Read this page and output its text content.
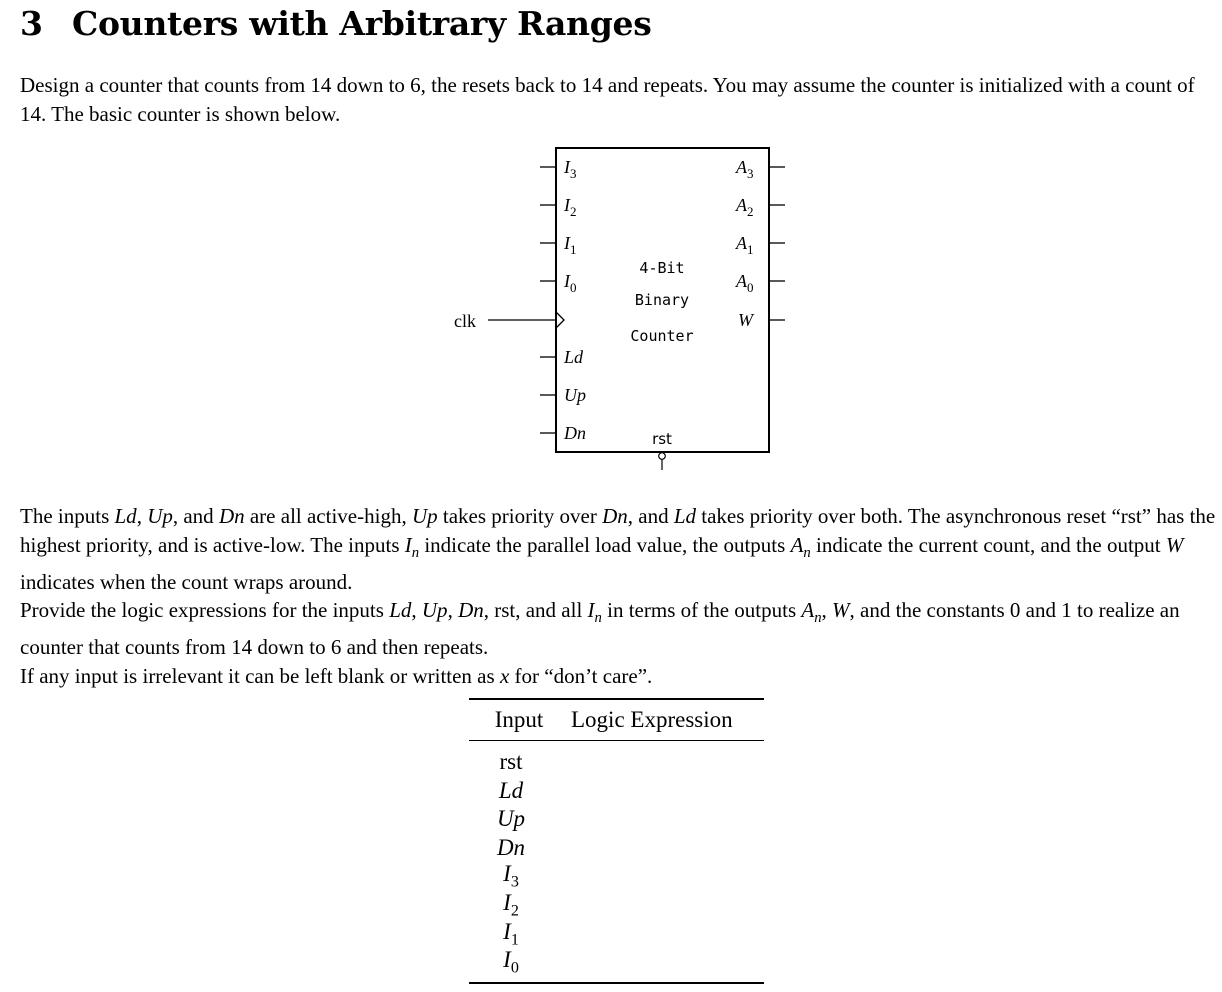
3 Counters with Arbitrary Ranges

Design a counter that counts from 14 down to 6, the resets back to 14 and repeats. You may assume the counter is initialized with a count of 14. The basic counter is shown below.

clk
$I_3$
$I_2$
$I_1$
$I_0$
Ld
Up
Dn
$A_3$
$A_2$
$A_1$
$A_0$
W
4-Bit
Binary
Counter
rst
The inputs Ld, Up, and Dn are all active-high, Up takes priority over Dn, and Ld takes priority over both. The asynchronous reset “rst” has the highest priority, and is active-low. The inputs $I_n$ indicate the parallel load value, the outputs $A_n$ indicate the current count, and the output W indicates when the count wraps around.
Provide the logic expressions for the inputs Ld, Up, Dn, rst, and all $I_n$ in terms of the outputs $A_n$, W, and the constants 0 and 1 to realize an counter that counts from 14 down to 6 and then repeats.
If any input is irrelevant it can be left blank or written as x for “don’t care”.
Input	Logic Expression
rst
Ld
Up
Dn
$I_3$
$I_2$
$I_1$
$I_0$
